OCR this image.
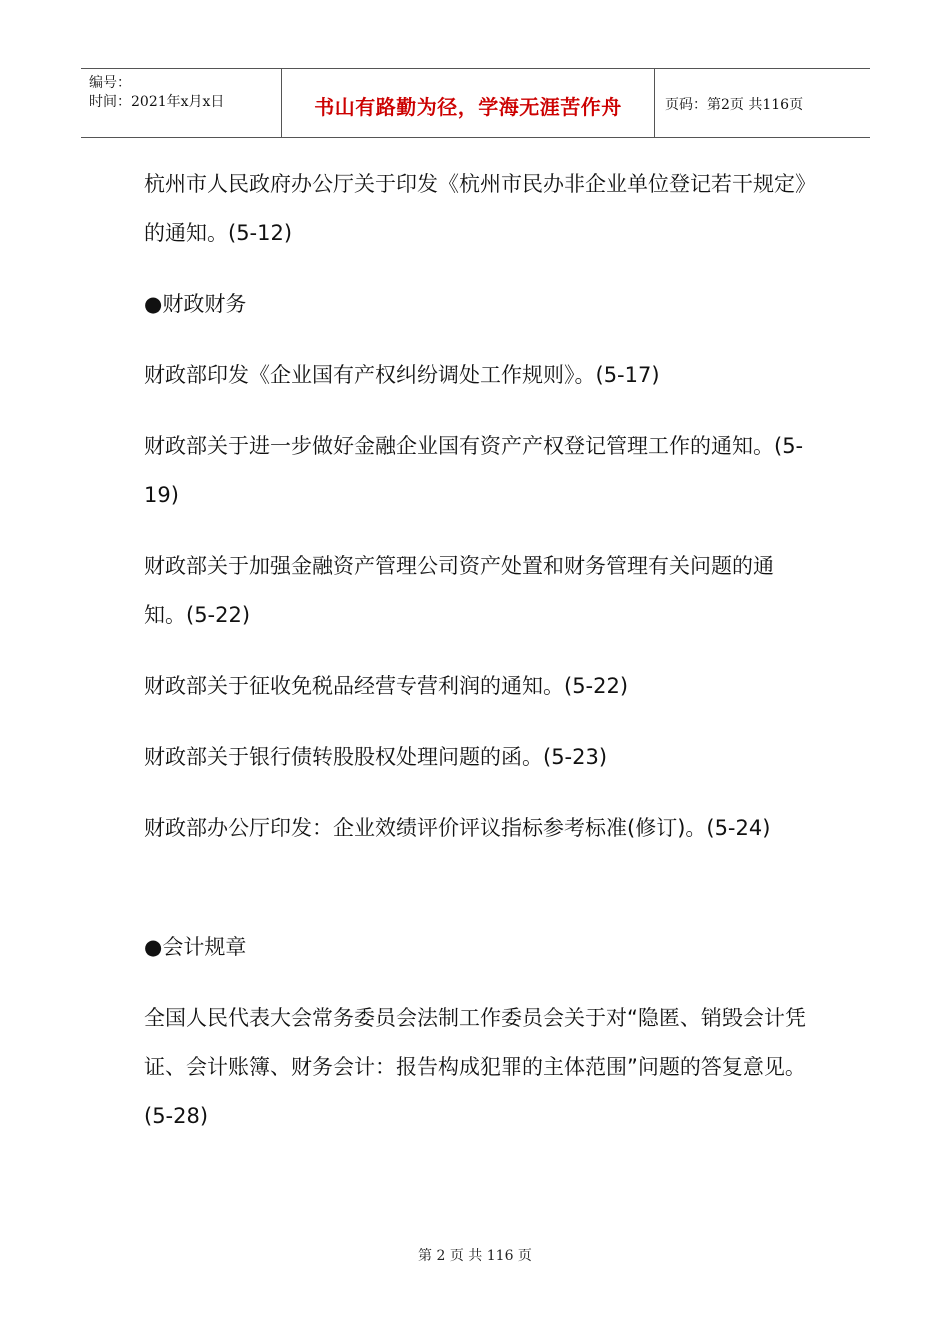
编号：
时间：2021年x月x日	书山有路勤为径，学海无涯苦作舟	页码：第2页 共116页

杭州市人民政府办公厅关于印发《杭州市民办非企业单位登记若干规定》的通知。(5-12)

●财政财务

财政部印发《企业国有产权纠纷调处工作规则》。(5-17)

财政部关于进一步做好金融企业国有资产产权登记管理工作的通知。(5-19)

财政部关于加强金融资产管理公司资产处置和财务管理有关问题的通知。(5-22)

财政部关于征收免税品经营专营利润的通知。(5-22)

财政部关于银行债转股股权处理问题的函。(5-23)

财政部办公厅印发：企业效绩评价评议指标参考标准(修订)。(5-24)

●会计规章

全国人民代表大会常务委员会法制工作委员会关于对“隐匿、销毁会计凭证、会计账簿、财务会计：报告构成犯罪的主体范围”问题的答复意见。(5-28)

第 2 页 共 116 页
